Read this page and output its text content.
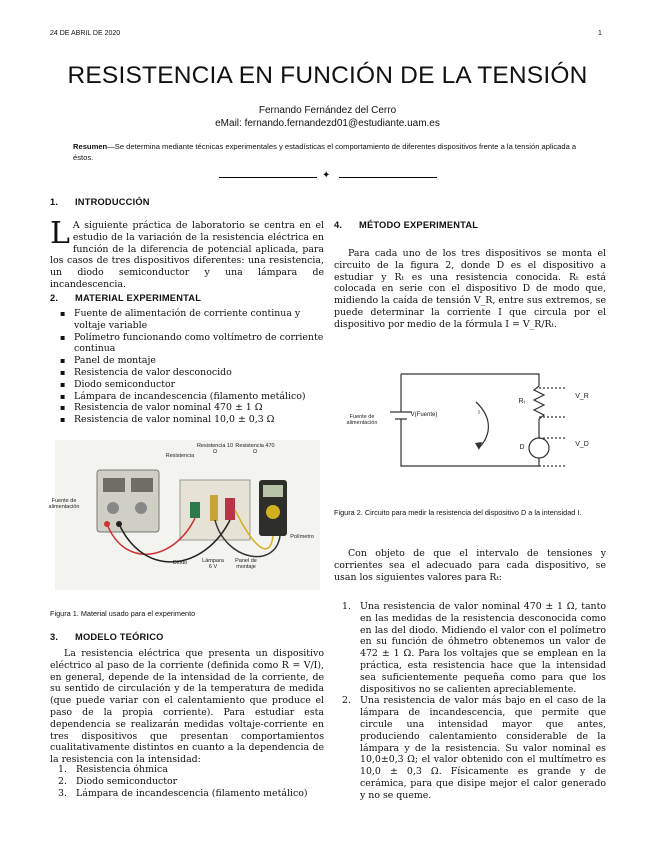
24 DE ABRIL DE 2020	1
RESISTENCIA EN FUNCIÓN DE LA TENSIÓN
Fernando Fernández del Cerro
eMail: fernando.fernandezd01@estudiante.uam.es
Resumen—Se determina mediante técnicas experimentales y estadísticas el comportamiento de diferentes dispositivos frente a la tensión aplicada a éstos.
✦
1. INTRODUCCIÓN
L A siguiente práctica de laboratorio se centra en el estudio de la variación de la resistencia eléctrica en función de la diferencia de potencial aplicada, para los casos de tres dispositivos diferentes: una resistencia, un diodo semiconductor y una lámpara de incandescencia.
2. MATERIAL EXPERIMENTAL
▪ Fuente de alimentación de corriente continua y voltaje variable
▪ Polímetro funcionando como voltímetro de corriente continua
▪ Panel de montaje
▪ Resistencia de valor desconocido
▪ Diodo semiconductor
▪ Lámpara de incandescencia (filamento metálico)
▪ Resistencia de valor nominal 470 ± 1 Ω
▪ Resistencia de valor nominal 10,0 ± 0,3 Ω
Fuente de alimentación
Resistencia
Resistencia 10 Ω
Resistencia 470 Ω
Polímetro
Diodo	Lámpara 6 V
Panel de montaje
Figura 1. Material usado para el experimento
3. MODELO TEÓRICO
La resistencia eléctrica que presenta un dispositivo eléctrico al paso de la corriente (definida como R = V/I), en general, depende de la intensidad de la corriente, de su sentido de circulación y de la temperatura de medida (que puede variar con el calentamiento que produce el paso de la propia corriente). Para estudiar esta dependencia se realizarán medidas voltaje-corriente en tres dispositivos que presentan comportamientos cualitativamente distintos en cuanto a la dependencia de la resistencia con la intensidad:
1. Resistencia óhmica
2. Diodo semiconductor
3. Lámpara de incandescencia (filamento metálico)
4. MÉTODO EXPERIMENTAL
Para cada uno de los tres dispositivos se monta el circuito de la figura 2, donde D es el dispositivo a estudiar y Rₜ es una resistencia conocida. Rₜ está colocada en serie con el dispositivo D de modo que, midiendo la caída de tensión V_R, entre sus extremos, se puede determinar la corriente I que circula por el dispositivo por medio de la fórmula I = V_R/Rₜ.
Fuente de alimentación
V(Fuente)	I
Rₜ
V_R
D	V_D
Figura 2. Circuito para medir la resistencia del dispositivo D a la intensidad I.
Con objeto de que el intervalo de tensiones y corrientes sea el adecuado para cada dispositivo, se usan los siguientes valores para Rₜ:
1. Una resistencia de valor nominal 470 ± 1 Ω, tanto en las medidas de la resistencia desconocida como en las del diodo. Midiendo el valor con el polímetro en su función de óhmetro obtenemos un valor de 472 ± 1 Ω. Para los voltajes que se emplean en la práctica, esta resistencia hace que la intensidad sea suficientemente pequeña como para que los dispositivos no se calienten apreciablemente.
2. Una resistencia de valor más bajo en el caso de la lámpara de incandescencia, que permite que circule una intensidad mayor que antes, produciendo calentamiento considerable de la lámpara y de la resistencia. Su valor nominal es 10,0±0,3 Ω; el valor obtenido con el multímetro es 10,0 ± 0,3 Ω. Físicamente es grande y de cerámica, para que disipe mejor el calor generado y no se queme.
